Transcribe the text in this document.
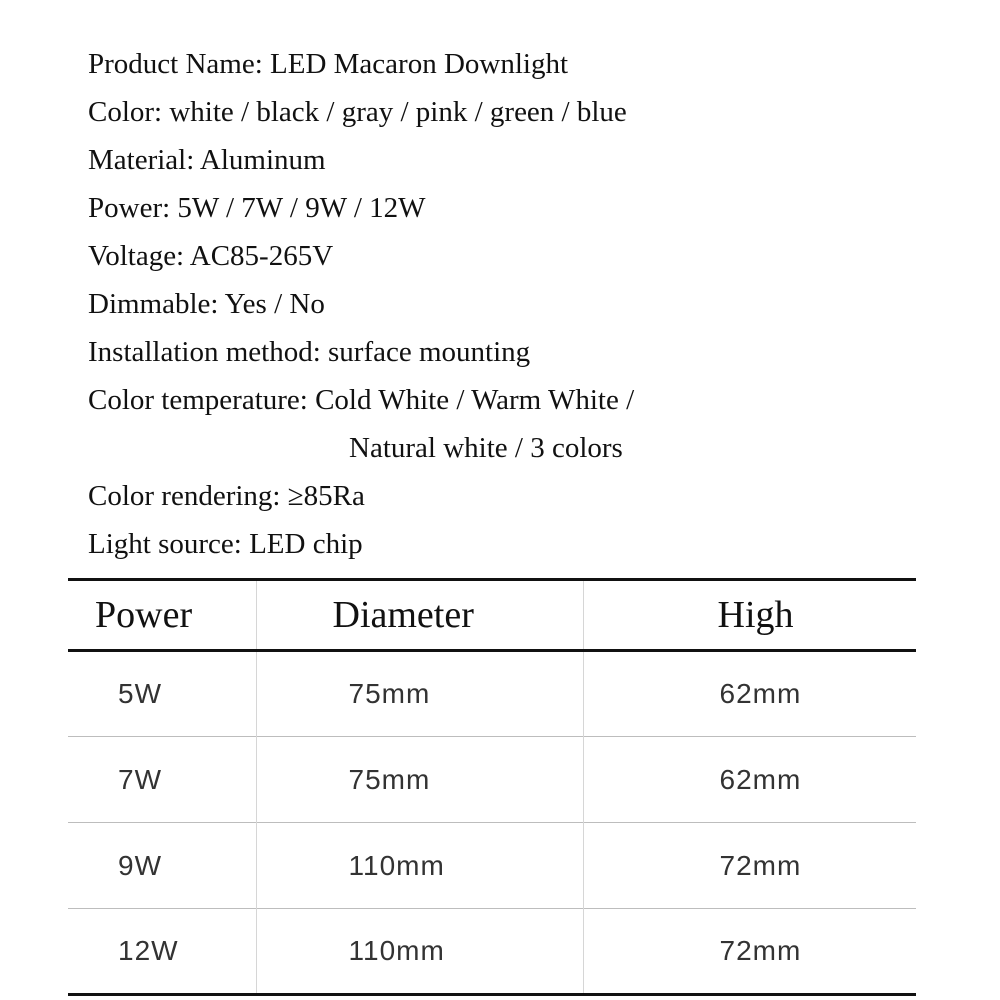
Product Name: LED Macaron Downlight
Color: white / black / gray / pink / green / blue
Material: Aluminum
Power: 5W / 7W / 9W / 12W
Voltage: AC85-265V
Dimmable: Yes / No
Installation method: surface mounting
Color temperature: Cold White / Warm White /
Natural white / 3 colors
Color rendering: ≥85Ra
Light source: LED chip
Power	Diameter	High
5W	75mm	62mm
7W	75mm	62mm
9W	110mm	72mm
12W	110mm	72mm
